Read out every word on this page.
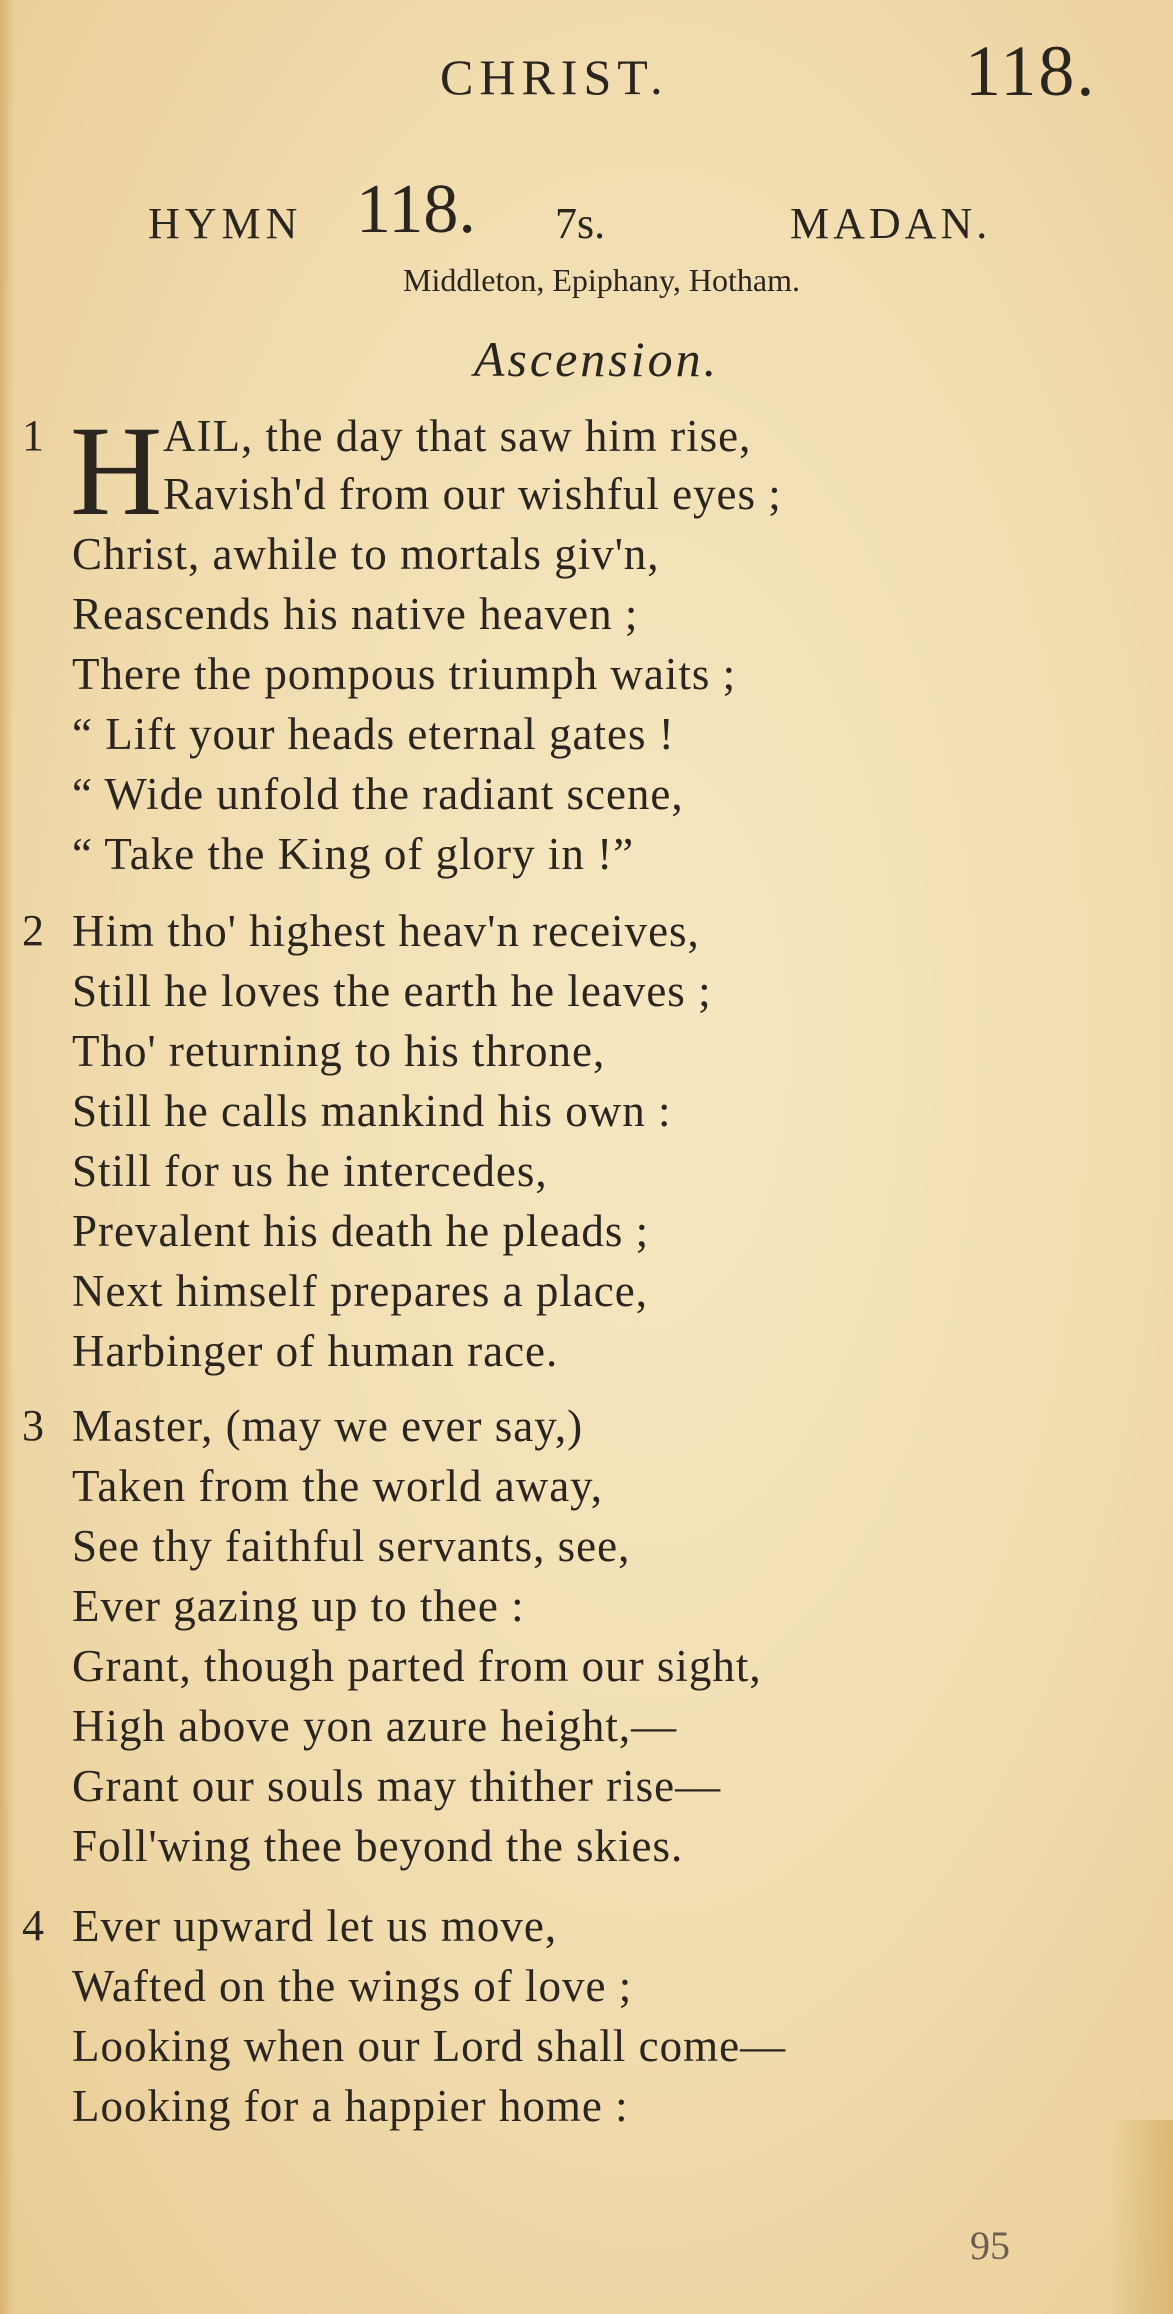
CHRIST.	118.
HYMN 118. 7s.	MADAN.
Middleton, Epiphany, Hotham.
Ascension.
1 H AIL, the day that saw him rise,
Ravish'd from our wishful eyes ;
Christ, awhile to mortals giv'n,
Reascends his native heaven ;
There the pompous triumph waits ;
“ Lift your heads eternal gates !
“ Wide unfold the radiant scene,
“ Take the King of glory in !”
2 Him tho' highest heav'n receives,
Still he loves the earth he leaves ;
Tho' returning to his throne,
Still he calls mankind his own :
Still for us he intercedes,
Prevalent his death he pleads ;
Next himself prepares a place,
Harbinger of human race.
3 Master, (may we ever say,)
Taken from the world away,
See thy faithful servants, see,
Ever gazing up to thee :
Grant, though parted from our sight,
High above yon azure height,—
Grant our souls may thither rise—
Foll'wing thee beyond the skies.
4 Ever upward let us move,
Wafted on the wings of love ;
Looking when our Lord shall come—
Looking for a happier home :
95
